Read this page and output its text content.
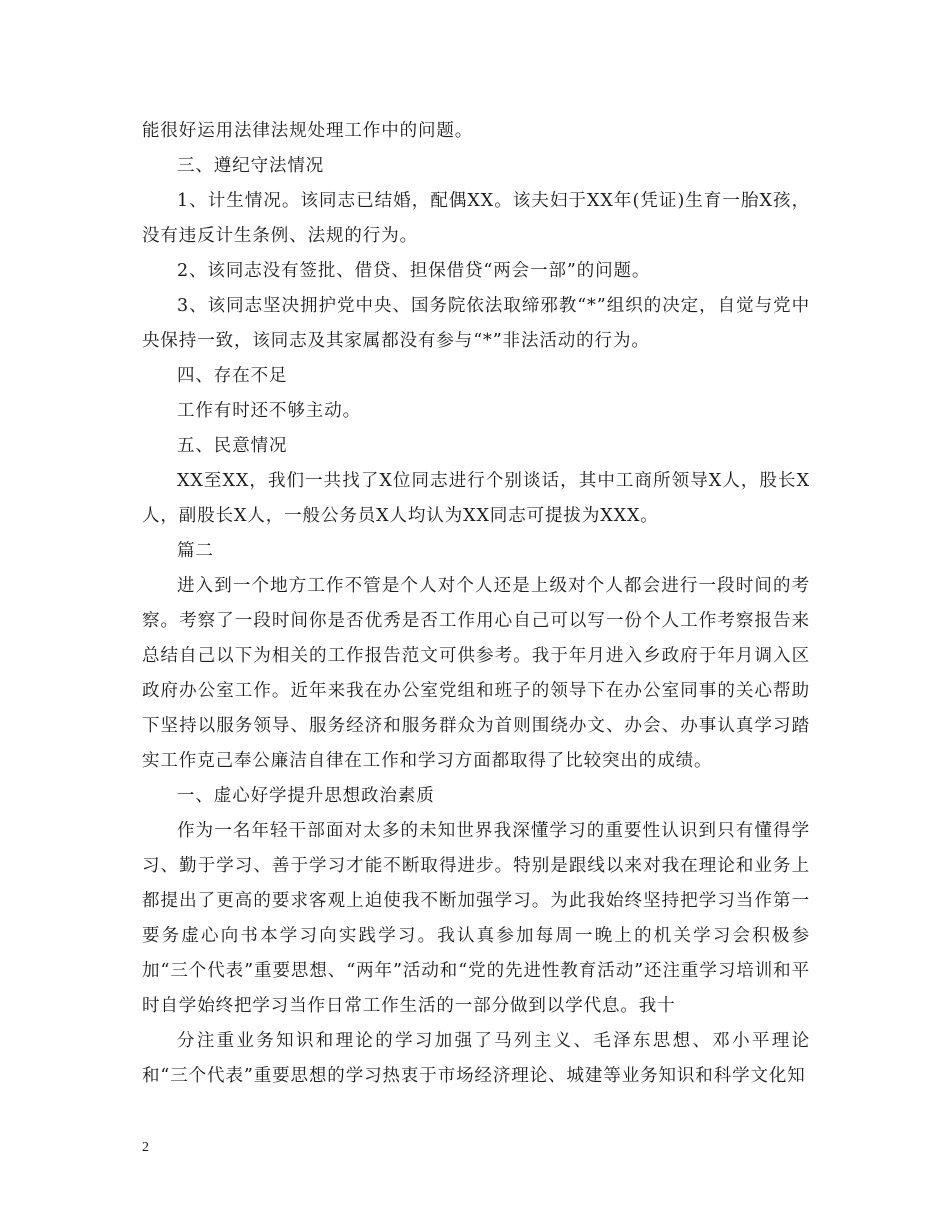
能很好运用法律法规处理工作中的问题。

三、遵纪守法情况

1、计生情况。该同志已结婚，配偶XX。该夫妇于XX年(凭证)生育一胎X孩，没有违反计生条例、法规的行为。

2、该同志没有签批、借贷、担保借贷“两会一部”的问题。

3、该同志坚决拥护党中央、国务院依法取缔邪教“*”组织的决定，自觉与党中央保持一致，该同志及其家属都没有参与“*”非法活动的行为。

四、存在不足

工作有时还不够主动。

五、民意情况

XX至XX，我们一共找了X位同志进行个别谈话，其中工商所领导X人，股长X人，副股长X人，一般公务员X人均认为XX同志可提拔为XXX。

篇二

进入到一个地方工作不管是个人对个人还是上级对个人都会进行一段时间的考察。考察了一段时间你是否优秀是否工作用心自己可以写一份个人工作考察报告来总结自己以下为相关的工作报告范文可供参考。我于年月进入乡政府于年月调入区政府办公室工作。近年来我在办公室党组和班子的领导下在办公室同事的关心帮助下坚持以服务领导、服务经济和服务群众为首则围绕办文、办会、办事认真学习踏实工作克己奉公廉洁自律在工作和学习方面都取得了比较突出的成绩。

一、虚心好学提升思想政治素质

作为一名年轻干部面对太多的未知世界我深懂学习的重要性认识到只有懂得学习、勤于学习、善于学习才能不断取得进步。特别是跟线以来对我在理论和业务上都提出了更高的要求客观上迫使我不断加强学习。为此我始终坚持把学习当作第一要务虚心向书本学习向实践学习。我认真参加每周一晚上的机关学习会积极参加“三个代表”重要思想、“两年”活动和“党的先进性教育活动”还注重学习培训和平时自学始终把学习当作日常工作生活的一部分做到以学代息。我十

分注重业务知识和理论的学习加强了马列主义、毛泽东思想、邓小平理论和“三个代表”重要思想的学习热衷于市场经济理论、城建等业务知识和科学文化知

2
